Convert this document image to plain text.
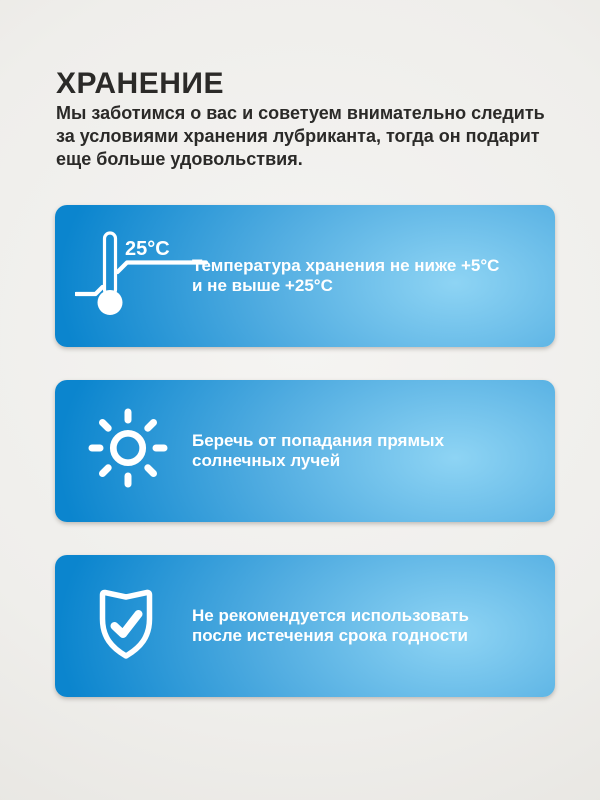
ХРАНЕНИЕ
Мы заботимся о вас и советуем внимательно следить
за условиями хранения лубриканта, тогда он подарит
еще больше удовольствия.
25°C
Температура хранения не ниже +5°С
и не выше +25°С
Беречь от попадания прямых
солнечных лучей
Не рекомендуется использовать
после истечения срока годности
